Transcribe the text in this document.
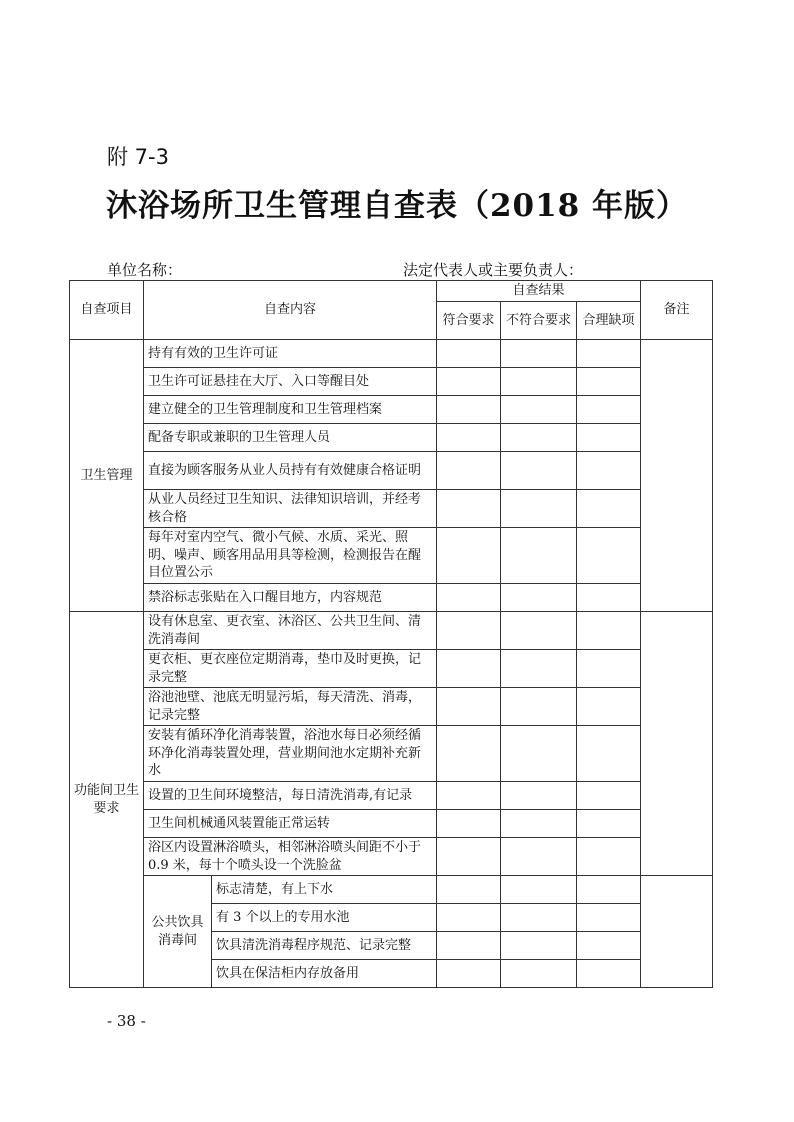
附 7-3
沐浴场所卫生管理自查表（2018 年版）
单位名称：	法定代表人或主要负责人：
自查项目	自查内容		自查结果			备注
			符合要求	不符合要求	合理缺项	
卫生管理	持有有效的卫生许可证					
	卫生许可证悬挂在大厅、入口等醒目处					
	建立健全的卫生管理制度和卫生管理档案					
	配备专职或兼职的卫生管理人员					
	直接为顾客服务从业人员持有有效健康合格证明					
	从业人员经过卫生知识、法律知识培训，并经考核合格					
	每年对室内空气、微小气候、水质、采光、照明、噪声、顾客用品用具等检测，检测报告在醒目位置公示					
	禁浴标志张贴在入口醒目地方，内容规范					
功能间卫生要求	设有休息室、更衣室、沐浴区、公共卫生间、清洗消毒间					
	更衣柜、更衣座位定期消毒，垫巾及时更换，记录完整					
	浴池池壁、池底无明显污垢，每天清洗、消毒，记录完整					
	安装有循环净化消毒装置，浴池水每日必须经循环净化消毒装置处理，营业期间池水定期补充新水					
	设置的卫生间环境整洁，每日清洗消毒,有记录					
	卫生间机械通风装置能正常运转					
	浴区内设置淋浴喷头，相邻淋浴喷头间距不小于 0.9 米，每十个喷头设一个洗脸盆					
	公共饮具消毒间	标志清楚，有上下水				
		有 3 个以上的专用水池				
		饮具清洗消毒程序规范、记录完整				
		饮具在保洁柜内存放备用				
- 38 -
